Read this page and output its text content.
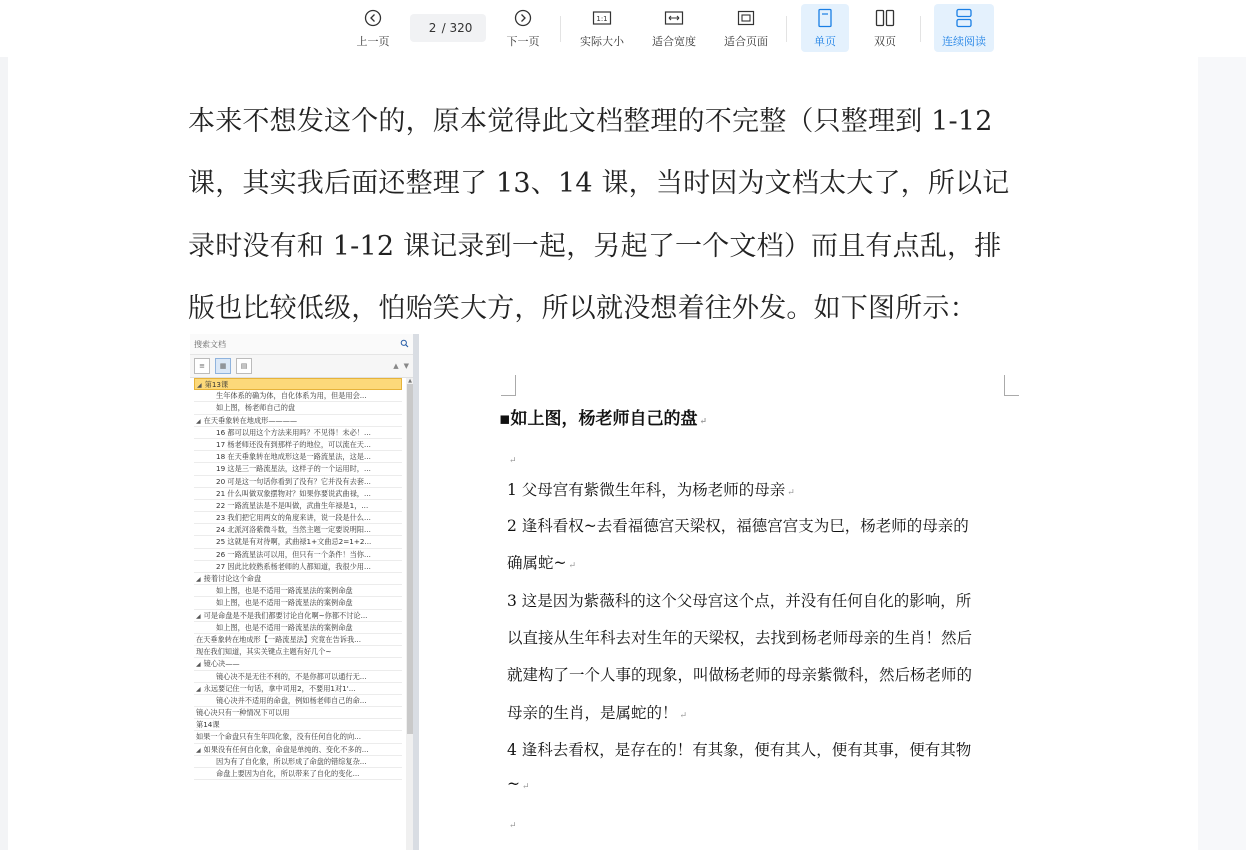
上一页
2
/ 320
下一页
1:1
实际大小	适合宽度	适合页面	单页	双页	连续阅读
本来不想发这个的，原本觉得此文档整理的不完整（只整理到 1-12
课，其实我后面还整理了 13、14 课，当时因为文档太大了，所以记
录时没有和 1-12 课记录到一起，另起了一个文档）而且有点乱，排
版也比较低级，怕贻笑大方，所以就没想着往外发。如下图所示：
搜索文档
≡	▦	▤	▲ ▼
◢ 第13课
生年体系的确为体，自化体系为用，但是用会...
如上图，杨老师自己的盘
◢ 在天垂象转在地成形————
16 都可以用这个方法来用吗？不见得！未必！...
17 杨老师还没有到那样子的地位，可以流在天...
18 在天垂象转在地成形这是一路流星法，这是...
19 这是三一路流星法，这样子的一个运用时，...
20 可是这一句话你看到了没有？它并没有去套...
21 什么叫做双象摆物对？如果你要说武曲禄，...
22 一路流星法是不是叫做，武曲生年禄是1，...
23 我们把它用两女的角度来讲，说一段是什么...
24 北派河洛紫微斗数，当然主题一定要说明阳...
25 这就是有对待啊，武曲禄1+文曲忌2=1+2...
26 一路流星法可以用，但只有一个条件！当你...
27 因此比较熟系杨老师的人都知道，我很少用...
◢ 接着讨论这个命盘
如上图，也是不适用一路流星法的案例命盘
如上图，也是不适用一路流星法的案例命盘
◢ 可是命盘是不是我们都要讨论自化啊~你都不讨论...
如上图，也是不适用一路流星法的案例命盘
在天垂象转在地成形【一路流星法】究竟在告诉我...
现在我们知道，其实关键点主题有好几个~
◢ 镜心决——
镜心决不是无往不利的，不是你都可以通行无...
◢ 永远要记住一句话，拿中司用2，不要用1对1'...
镜心决并不适用的命盘，例如杨老师自己的命...
镜心决只有一种情况下可以用
第14课
如果一个命盘只有生年四化象，没有任何自化的向...
◢ 如果没有任何自化象，命盘是单纯的、变化不多的...
因为有了自化象，所以形成了命盘的错综复杂...
命盘上要因为自化，所以带来了自化的变化...
▲
▪如上图，杨老师自己的盘 ↵
↵
1 父母宫有紫微生年科，为杨老师的母亲 ↵
2 逢科看权~去看福德宫天梁权，福德宫宫支为巳，杨老师的母亲的
确属蛇~ ↵
3 这是因为紫薇科的这个父母宫这个点，并没有任何自化的影响，所
以直接从生年科去对生年的天梁权，去找到杨老师母亲的生肖！然后
就建构了一个人事的现象，叫做杨老师的母亲紫微科，然后杨老师的
母亲的生肖，是属蛇的！ ↵
4 逢科去看权，是存在的！有其象，便有其人，便有其事，便有其物
~ ↵
↵
